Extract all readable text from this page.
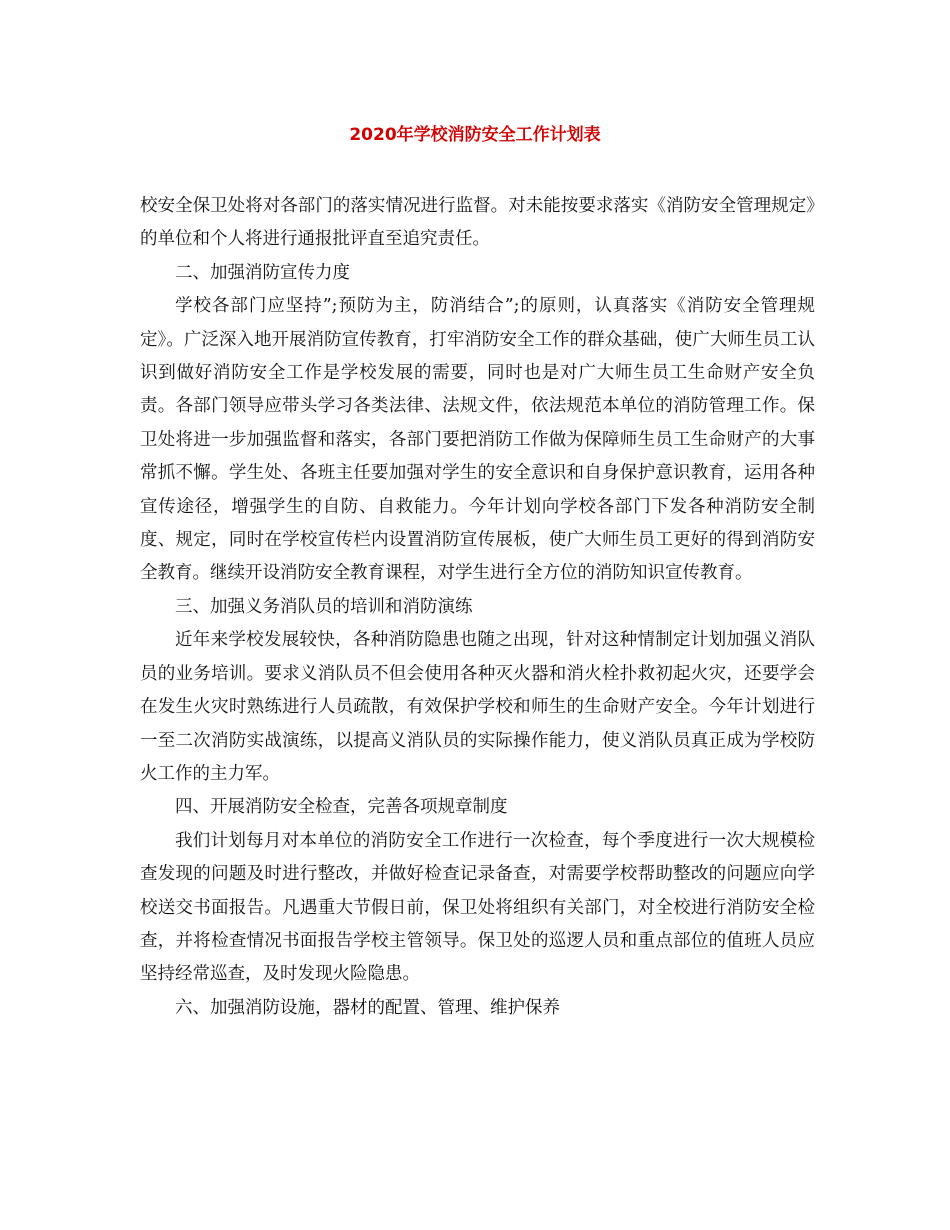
2020年学校消防安全工作计划表

校安全保卫处将对各部门的落实情况进行监督。对未能按要求落实《消防安全管理规定》的单位和个人将进行通报批评直至追究责任。

二、加强消防宣传力度

学校各部门应坚持”;预防为主，防消结合”;的原则，认真落实《消防安全管理规定》。广泛深入地开展消防宣传教育，打牢消防安全工作的群众基础，使广大师生员工认识到做好消防安全工作是学校发展的需要，同时也是对广大师生员工生命财产安全负责。各部门领导应带头学习各类法律、法规文件，依法规范本单位的消防管理工作。保卫处将进一步加强监督和落实，各部门要把消防工作做为保障师生员工生命财产的大事常抓不懈。学生处、各班主任要加强对学生的安全意识和自身保护意识教育，运用各种宣传途径，增强学生的自防、自救能力。今年计划向学校各部门下发各种消防安全制度、规定，同时在学校宣传栏内设置消防宣传展板，使广大师生员工更好的得到消防安全教育。继续开设消防安全教育课程，对学生进行全方位的消防知识宣传教育。

三、加强义务消队员的培训和消防演练

近年来学校发展较快，各种消防隐患也随之出现，针对这种情制定计划加强义消队员的业务培训。要求义消队员不但会使用各种灭火器和消火栓扑救初起火灾，还要学会在发生火灾时熟练进行人员疏散，有效保护学校和师生的生命财产安全。今年计划进行一至二次消防实战演练，以提高义消队员的实际操作能力，使义消队员真正成为学校防火工作的主力军。

四、开展消防安全检查，完善各项规章制度

我们计划每月对本单位的消防安全工作进行一次检查，每个季度进行一次大规模检查发现的问题及时进行整改，并做好检查记录备查，对需要学校帮助整改的问题应向学校送交书面报告。凡遇重大节假日前，保卫处将组织有关部门，对全校进行消防安全检查，并将检查情况书面报告学校主管领导。保卫处的巡逻人员和重点部位的值班人员应坚持经常巡查，及时发现火险隐患。

六、加强消防设施，器材的配置、管理、维护保养
